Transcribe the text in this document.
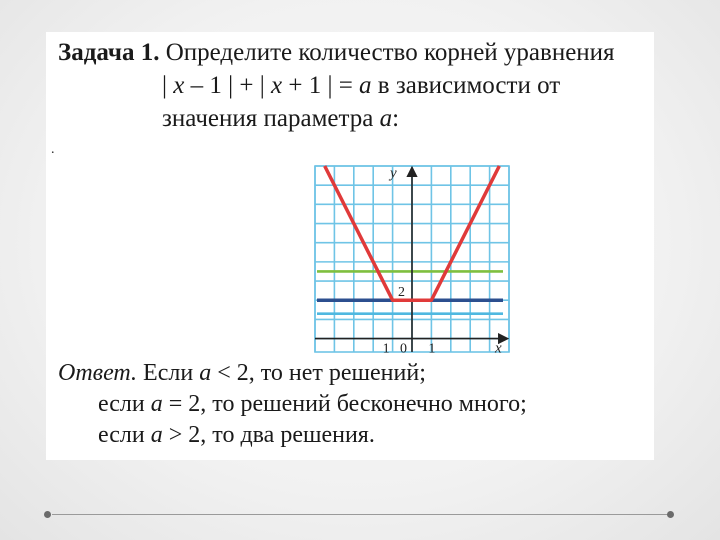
Задача 1. Определите количество корней уравнения
| x – 1 | + | x + 1 | = a в зависимости от
значения параметра a:
.
y
x
1 0 1
2
Ответ. Если a < 2, то нет решений;
если a = 2, то решений бесконечно много;
если a > 2, то два решения.
